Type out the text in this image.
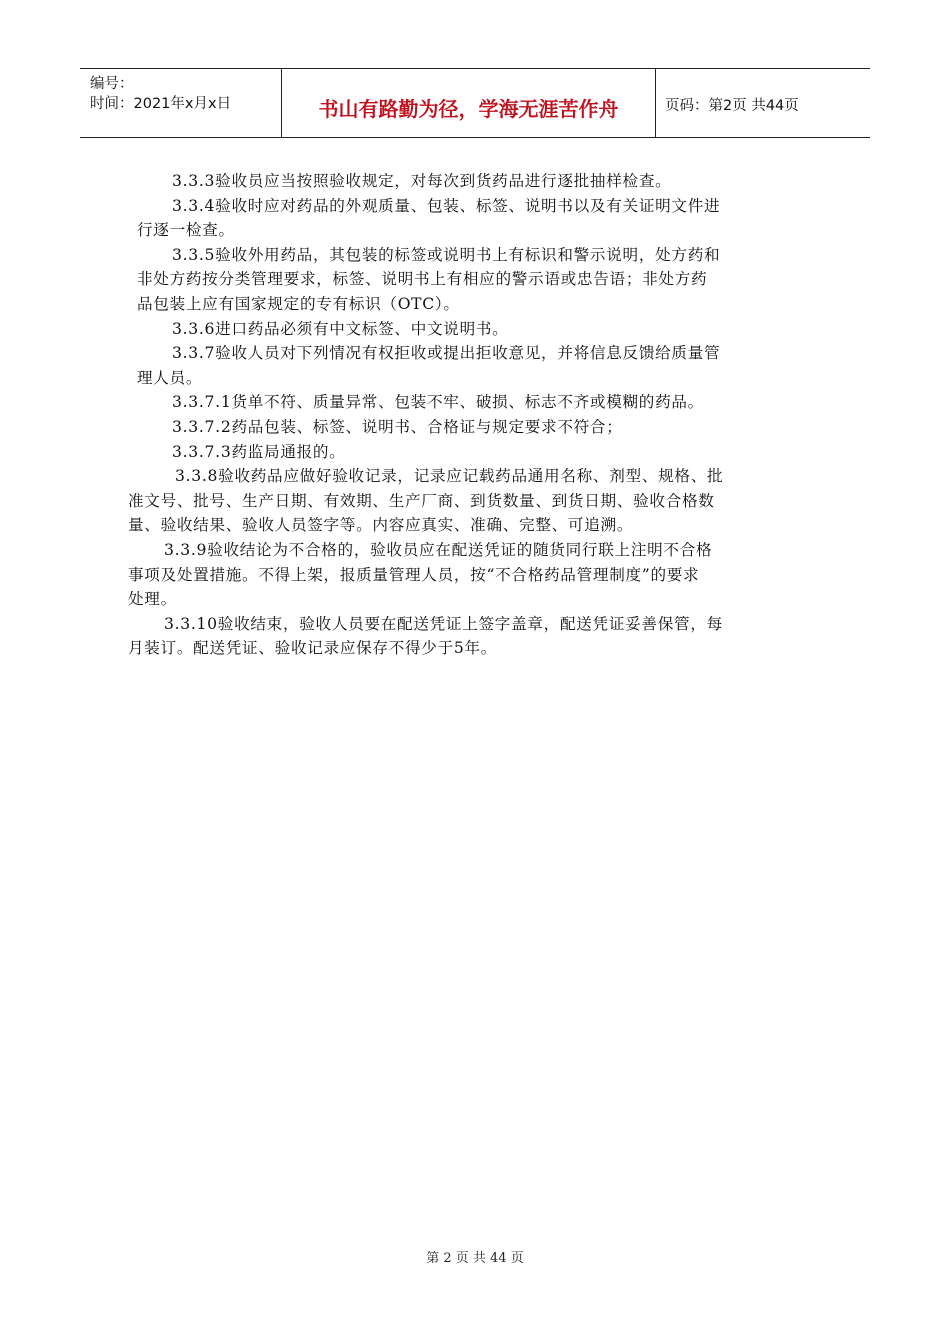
编号：
时间：2021年x月x日	书山有路勤为径，学海无涯苦作舟	页码：第2页 共44页

3.3.3验收员应当按照验收规定，对每次到货药品进行逐批抽样检查。

3.3.4验收时应对药品的外观质量、包装、标签、说明书以及有关证明文件进

行逐一检查。

3.3.5验收外用药品，其包装的标签或说明书上有标识和警示说明，处方药和

非处方药按分类管理要求，标签、说明书上有相应的警示语或忠告语；非处方药

品包装上应有国家规定的专有标识（OTC）。

3.3.6进口药品必须有中文标签、中文说明书。

3.3.7验收人员对下列情况有权拒收或提出拒收意见，并将信息反馈给质量管

理人员。

3.3.7.1货单不符、质量异常、包装不牢、破损、标志不齐或模糊的药品。

3.3.7.2药品包装、标签、说明书、合格证与规定要求不符合；

3.3.7.3药监局通报的。

3.3.8验收药品应做好验收记录，记录应记载药品通用名称、剂型、规格、批

准文号、批号、生产日期、有效期、生产厂商、到货数量、到货日期、验收合格数

量、验收结果、验收人员签字等。内容应真实、准确、完整、可追溯。

3.3.9验收结论为不合格的，验收员应在配送凭证的随货同行联上注明不合格

事项及处置措施。不得上架，报质量管理人员，按“不合格药品管理制度”的要求

处理。

3.3.10验收结束，验收人员要在配送凭证上签字盖章，配送凭证妥善保管，每

月装订。配送凭证、验收记录应保存不得少于5年。

第 2 页 共 44 页
